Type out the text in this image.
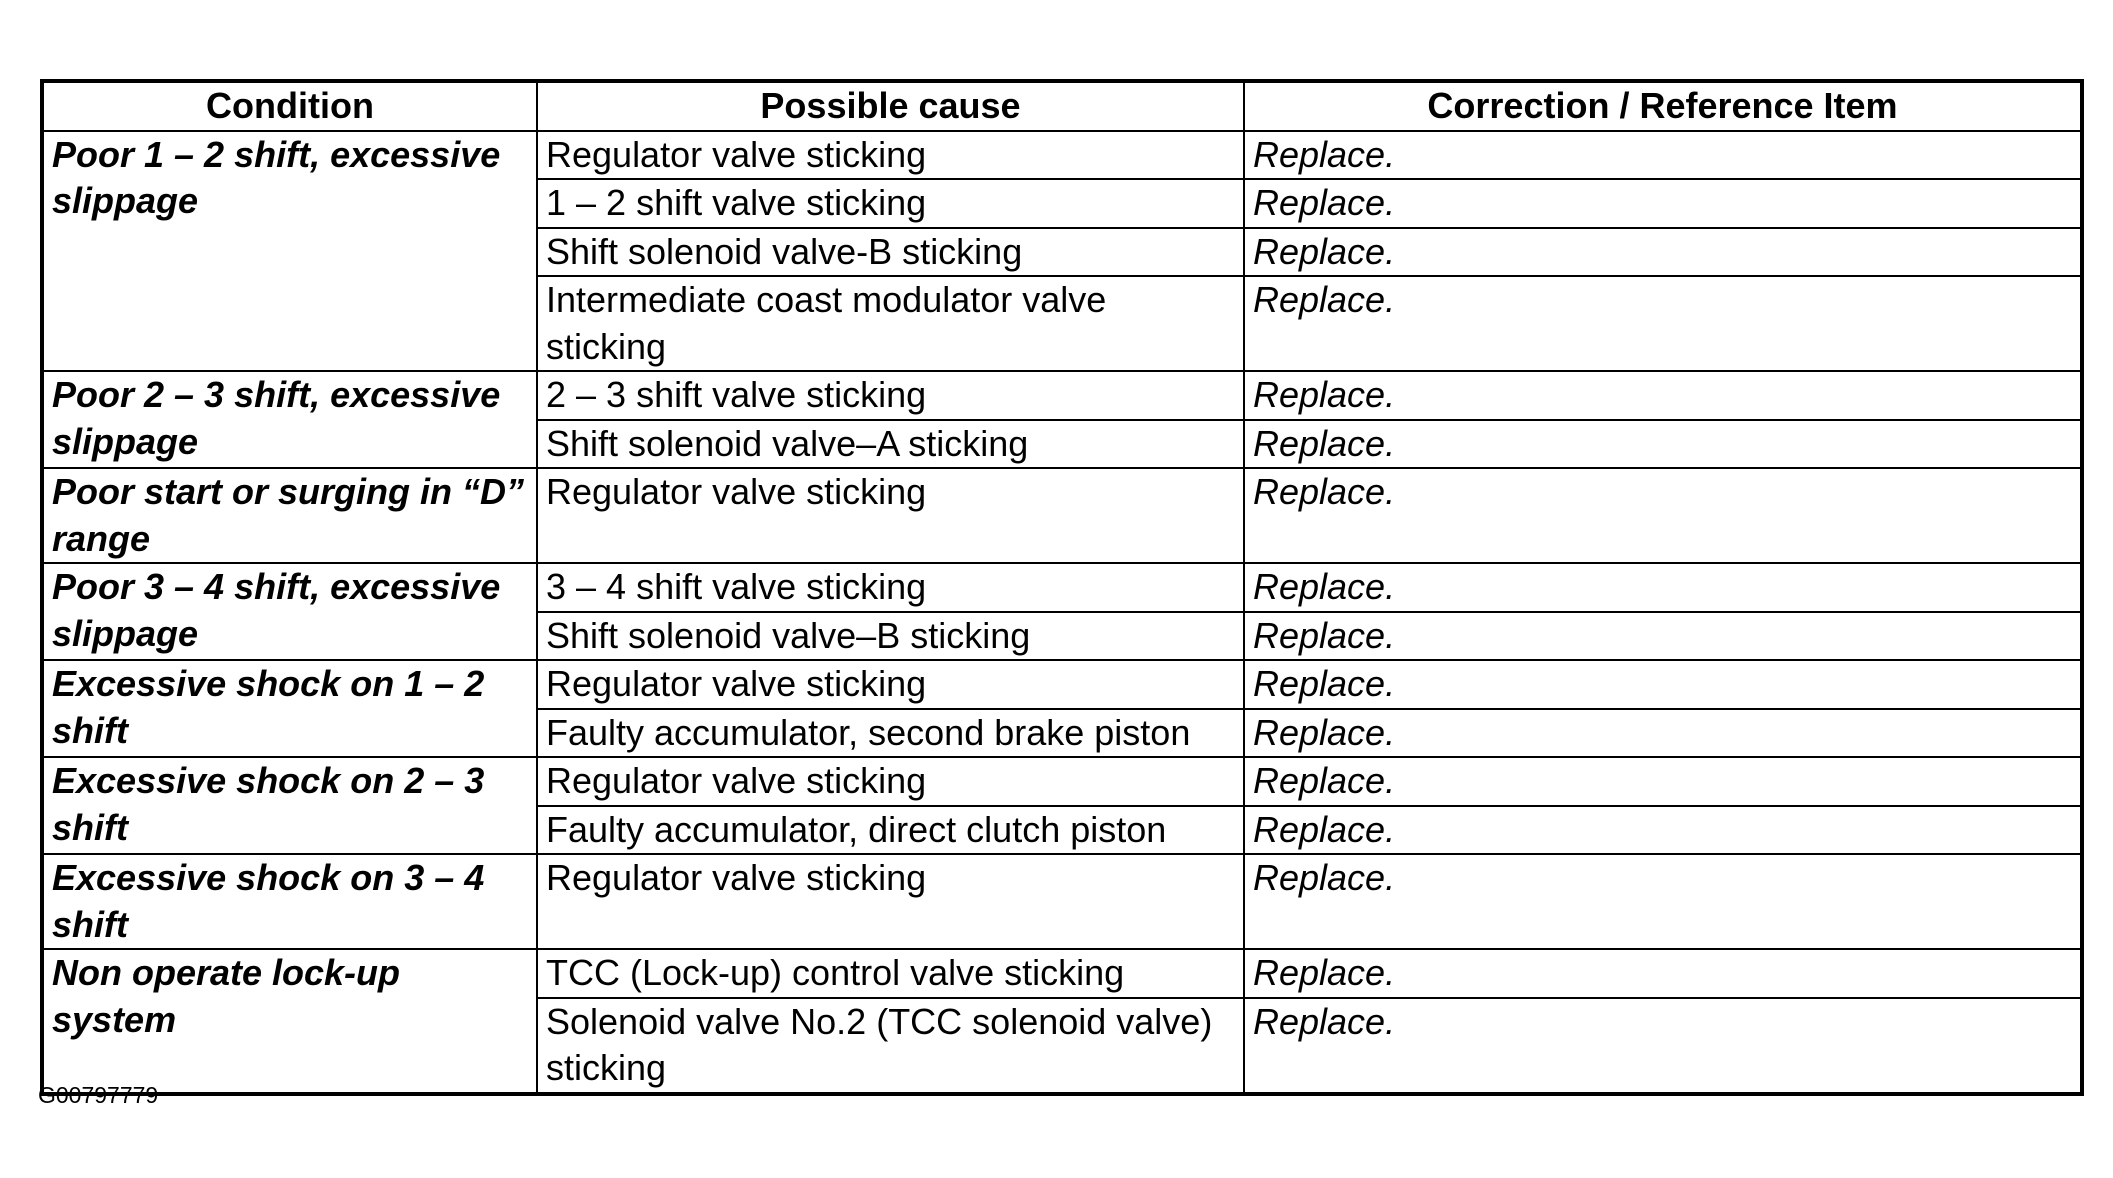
Condition	Possible cause	Correction / Reference Item
Poor 1 – 2 shift, excessive slippage	Regulator valve sticking	Replace.
	1 – 2 shift valve sticking	Replace.
	Shift solenoid valve-B sticking	Replace.
	Intermediate coast modulator valve sticking	Replace.
Poor 2 – 3 shift, excessive slippage	2 – 3 shift valve sticking	Replace.
	Shift solenoid valve–A sticking	Replace.
Poor start or surging in “D” range	Regulator valve sticking	Replace.
Poor 3 – 4 shift, excessive slippage	3 – 4 shift valve sticking	Replace.
	Shift solenoid valve–B sticking	Replace.
Excessive shock on 1 – 2 shift	Regulator valve sticking	Replace.
	Faulty accumulator, second brake piston	Replace.
Excessive shock on 2 – 3 shift	Regulator valve sticking	Replace.
	Faulty accumulator, direct clutch piston	Replace.
Excessive shock on 3 – 4 shift	Regulator valve sticking	Replace.
Non operate lock-up system	TCC (Lock-up) control valve sticking	Replace.
	Solenoid valve No.2 (TCC solenoid valve) sticking	Replace.
G00797779
